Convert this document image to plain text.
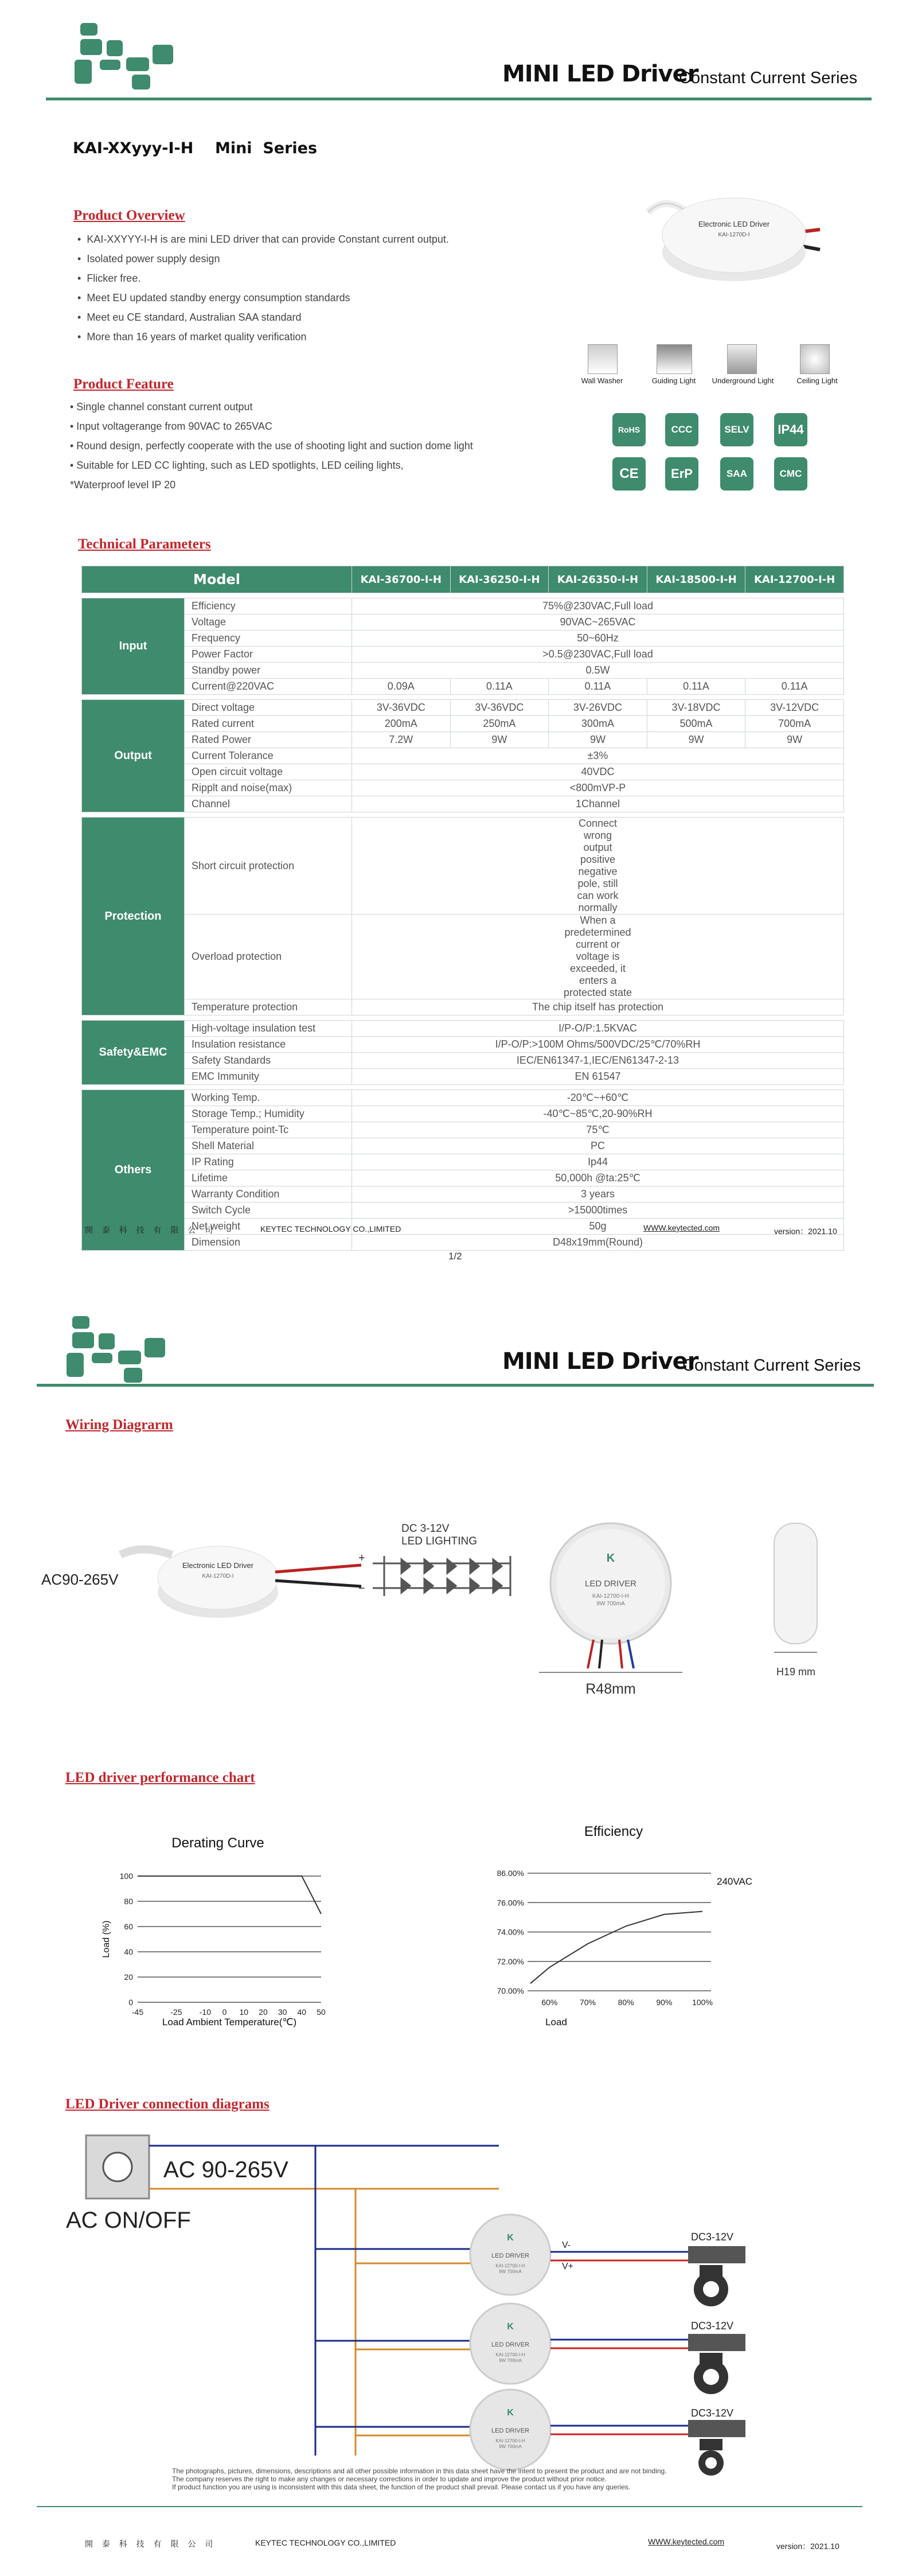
MINI LED Driver
Constant Current Series
KAI-XXyyy-I-H    Mini  Series
Product Overview
•  KAI-XXYYY-I-H is are mini LED driver that can provide Constant current output.
•  Isolated power supply design
•  Flicker free.
•  Meet EU updated standby energy consumption standards
•  Meet eu CE standard, Australian SAA standard
•  More than 16 years of market quality verification
Electronic LED Driver
KAI-1270D-I
Wall Washer	Guiding Light	Underground Light	Ceiling Light
Product Feature
• Single channel constant current output
• Input voltagerange from 90VAC to 265VAC
• Round design, perfectly cooperate with the use of shooting light and suction dome light
• Suitable for LED CC lighting, such as LED spotlights, LED ceiling lights,
*Waterproof level IP 20
RoHS	CCC	SELV	IP44
CE	ErP	SAA	CMC
Technical Parameters
Model		KAI-36700-I-H	KAI-36250-I-H	KAI-26350-I-H	KAI-18500-I-H	KAI-12700-I-H

Input	Efficiency	75%@230VAC,Full load				
	Voltage	90VAC~265VAC				
	Frequency	50~60Hz				
	Power Factor	>0.5@230VAC,Full load				
	Standby power	0.5W				
	Current@220VAC	0.09A	0.11A	0.11A	0.11A	0.11A

Output	Direct voltage	3V-36VDC	3V-36VDC	3V-26VDC	3V-18VDC	3V-12VDC
	Rated current	200mA	250mA	300mA	500mA	700mA
	Rated Power	7.2W	9W	9W	9W	9W
	Current Tolerance	±3%				
	Open circuit voltage	40VDC				
	Ripplt and noise(max)	<800mVP-P				
	Channel	1Channel				

Protection	Short circuit protection	Connect wrong output positive negative pole, still can work normally				
	Overload protection	When a predetermined current or voltage is exceeded, it enters a protected state				
	Temperature protection	The chip itself has protection				

Safety&EMC	High-voltage insulation test	I/P-O/P:1.5KVAC				
	Insulation resistance	I/P-O/P:>100M Ohms/500VDC/25℃/70%RH				
	Safety Standards	IEC/EN61347-1,IEC/EN61347-2-13				
	EMC Immunity	EN 61547				

Others	Working Temp.	-20℃~+60℃				
	Storage Temp.; Humidity	-40℃~85℃,20-90%RH				
	Temperature point-Tc	75℃				
	Shell Material	PC				
	IP Rating	Ip44				
	Lifetime	50,000h @ta:25℃				
	Warranty Condition	3 years				
	Switch Cycle	>15000times				
	Net weight	50g				
	Dimension	D48x19mm(Round)				
開 泰 科 技 有 限 公 司	KEYTEC TECHNOLOGY CO.,LIMITED	WWW.keytected.com	version：2021.10
1/2
MINI LED Driver
Constant Current Series
Wiring Diagrarm
AC90-265V
Electronic LED Driver
KAI-1270D-I
+
−
DC 3-12V
LED LIGHTING
K
LED DRIVER
KAI-12700-I-H
9W 700mA
R48mm
H19 mm
LED driver performance chart
Derating Curve
0
20
40
60
80
100
-45	-25 -10 0 10 20 30 40 50
Load Ambient Temperature(℃)
Load (%)
Efficiency
70.00%
72.00%
74.00%
76.00%
86.00%
60%	70%	80%	90% 100%
240VAC
Load
LED Driver connection diagrams
AC 90-265V
AC ON/OFF
K
LED DRIVER
KAI-12700-I-H
9W 700mA
V-
V+
DC3-12V
K
LED DRIVER
KAI-12700-I-H
9W 700mA
DC3-12V
K
LED DRIVER
KAI-12700-I-H
9W 700mA
DC3-12V
The photographs, pictures, dimensions, descriptions and all other possible information in this data sheet have the intent to present the product and are not binding.
The company reserves the right to make any changes or necessary corrections in order to update and improve the product without prior notice.
If product function you are using is inconsistent with this data sheet, the function of the product shall prevail. Please contact us if you have any queries.
開 泰 科 技 有 限 公 司	KEYTEC TECHNOLOGY CO.,LIMITED	WWW.keytected.com	version：2021.10
